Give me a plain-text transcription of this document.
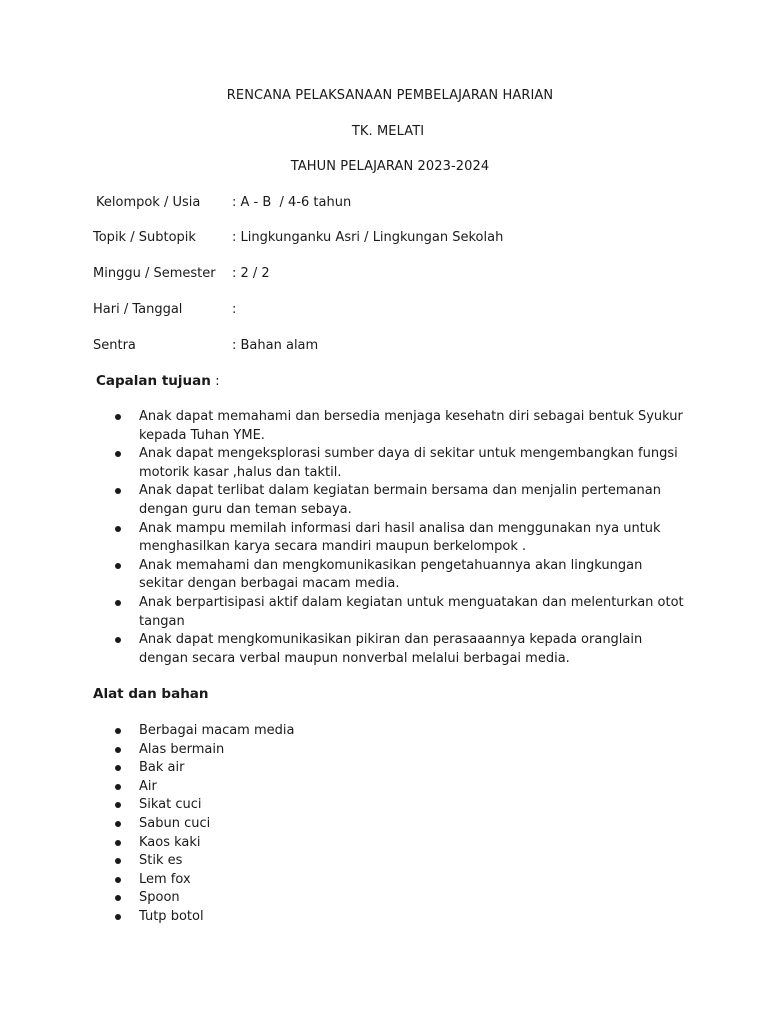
RENCANA PELAKSANAAN PEMBELAJARAN HARIAN
TK. MELATI
TAHUN PELAJARAN 2023-2024
Kelompok / Usia : A - B  / 4-6 tahun
Topik / Subtopik	: Lingkunganku Asri / Lingkungan Sekolah
Minggu / Semester : 2 / 2
Hari / Tanggal	:
Sentra	: Bahan alam
Capalan tujuan :
Anak dapat memahami dan bersedia menjaga kesehatn diri sebagai bentuk Syukur kepada Tuhan YME.
Anak dapat mengeksplorasi sumber daya di sekitar untuk mengembangkan fungsi motorik kasar ,halus dan taktil.
Anak dapat terlibat dalam kegiatan bermain bersama dan menjalin pertemanan dengan guru dan teman sebaya.
Anak mampu memilah informasi dari hasil analisa dan menggunakan nya untuk menghasilkan karya secara mandiri maupun berkelompok .
Anak memahami dan mengkomunikasikan pengetahuannya akan lingkungan sekitar dengan berbagai macam media.
Anak berpartisipasi aktif dalam kegiatan untuk menguatakan dan melenturkan otot tangan
Anak dapat mengkomunikasikan pikiran dan perasaaannya kepada oranglain dengan secara verbal maupun nonverbal melalui berbagai media.
Alat dan bahan
Berbagai macam media
Alas bermain
Bak air
Air
Sikat cuci
Sabun cuci
Kaos kaki
Stik es
Lem fox
Spoon
Tutp botol
